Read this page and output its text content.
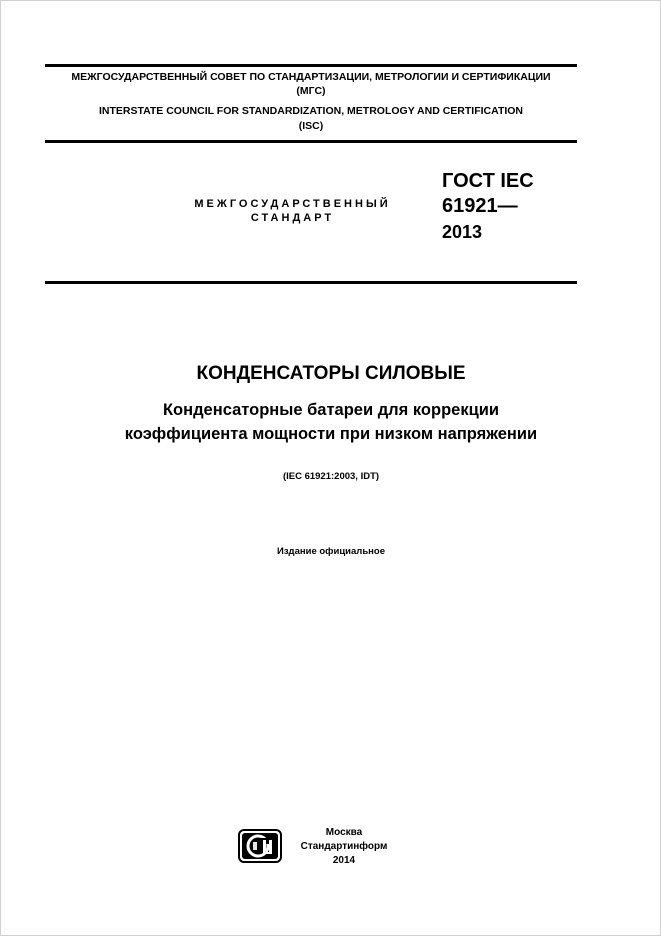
МЕЖГОСУДАРСТВЕННЫЙ СОВЕТ ПО СТАНДАРТИЗАЦИИ, МЕТРОЛОГИИ И СЕРТИФИКАЦИИ
(МГС)
INTERSTATE COUNCIL FOR STANDARDIZATION, METROLOGY AND CERTIFICATION
(ISC)
МЕЖГОСУДАРСТВЕННЫЙ
СТАНДАРТ
ГОСТ IEC
61921—
2013
КОНДЕНСАТОРЫ СИЛОВЫЕ
Конденсаторные батареи для коррекции
коэффициента мощности при низком напряжении
(IEC 61921:2003, IDT)
Издание официальное
Москва
Стандартинформ
2014
